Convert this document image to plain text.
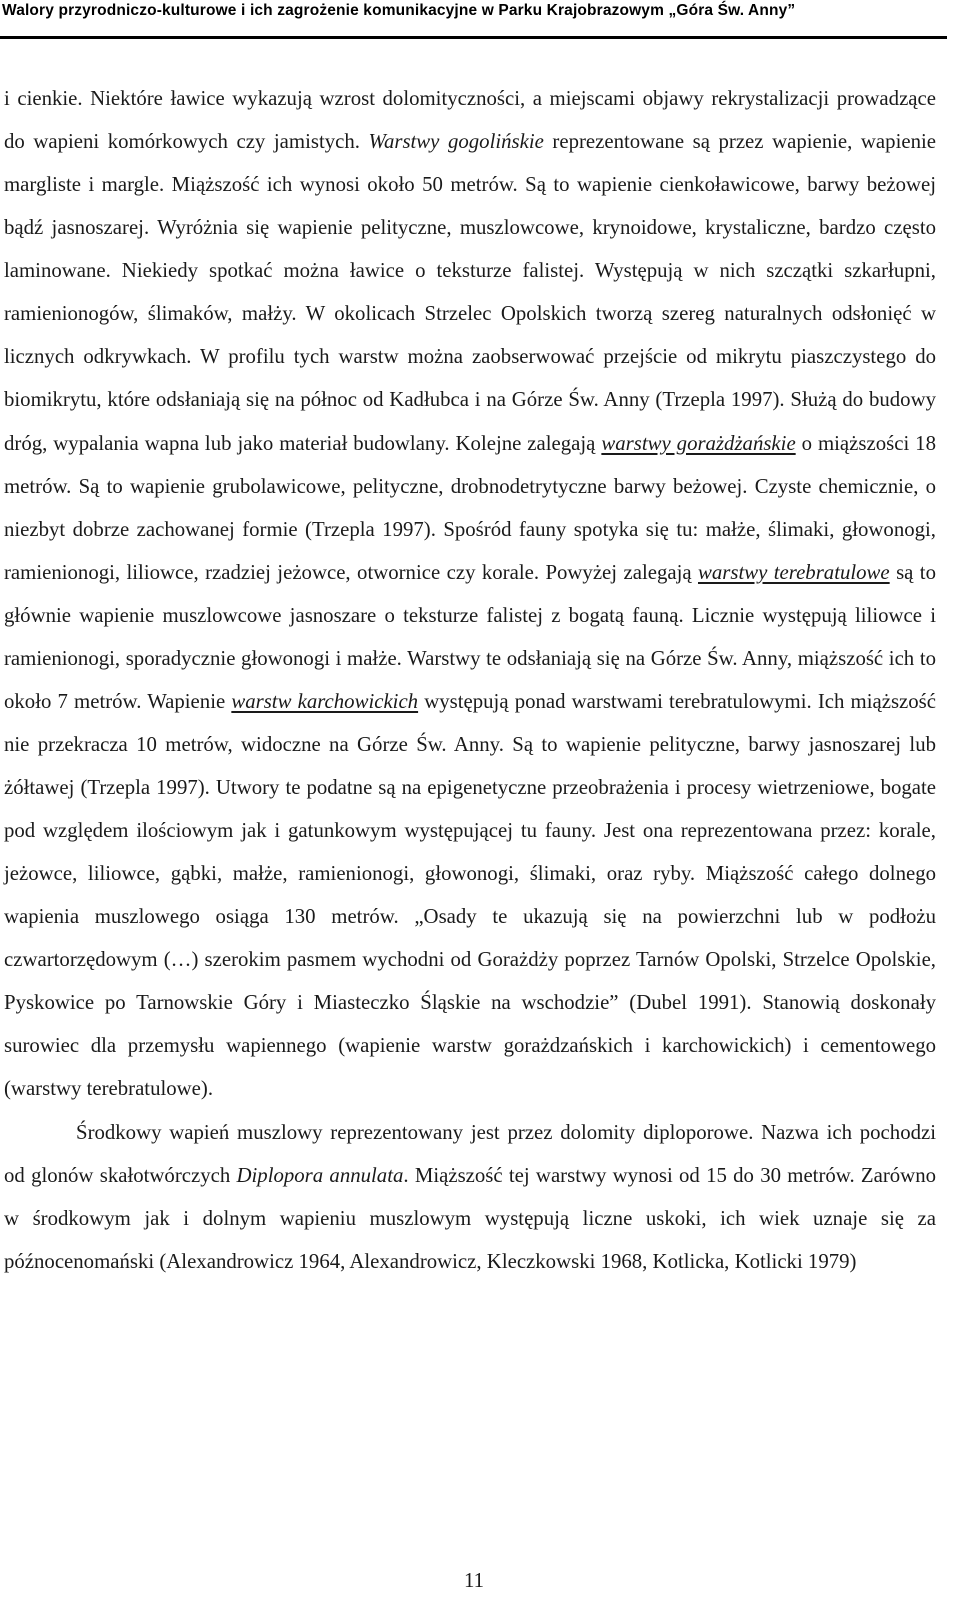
Walory przyrodniczo-kulturowe i ich zagrożenie komunikacyjne w Parku Krajobrazowym „Góra Św. Anny”

i cienkie. Niektóre ławice wykazują wzrost dolomityczności, a miejscami objawy rekrystalizacji prowadzące do wapieni komórkowych czy jamistych. Warstwy gogolińskie reprezentowane są przez wapienie, wapienie margliste i margle. Miąższość ich wynosi około 50 metrów. Są to wapienie cienkoławicowe, barwy beżowej bądź jasnoszarej. Wyróżnia się wapienie pelityczne, muszlowcowe, krynoidowe, krystaliczne, bardzo często laminowane. Niekiedy spotkać można ławice o teksturze falistej. Występują w nich szczątki szkarłupni, ramienionogów, ślimaków, małży. W okolicach Strzelec Opolskich tworzą szereg naturalnych odsłonięć w licznych odkrywkach. W profilu tych warstw można zaobserwować przejście od mikrytu piaszczystego do biomikrytu, które odsłaniają się na północ od Kadłubca i na Górze Św. Anny (Trzepla 1997). Służą do budowy dróg, wypalania wapna lub jako materiał budowlany. Kolejne zalegają warstwy gorażdżańskie o miąższości 18 metrów. Są to wapienie grubolawicowe, pelityczne, drobnodetrytyczne barwy beżowej. Czyste chemicznie, o niezbyt dobrze zachowanej formie (Trzepla 1997). Spośród fauny spotyka się tu: małże, ślimaki, głowonogi, ramienionogi, liliowce, rzadziej jeżowce, otwornice czy korale. Powyżej zalegają warstwy terebratulowe są to głównie wapienie muszlowcowe jasnoszare o teksturze falistej z bogatą fauną. Licznie występują liliowce i ramienionogi, sporadycznie głowonogi i małże. Warstwy te odsłaniają się na Górze Św. Anny, miąższość ich to około 7 metrów. Wapienie warstw karchowickich występują ponad warstwami terebratulowymi. Ich miąższość nie przekracza 10 metrów, widoczne na Górze Św. Anny. Są to wapienie pelityczne, barwy jasnoszarej lub żółtawej (Trzepla 1997). Utwory te podatne są na epigenetyczne przeobrażenia i procesy wietrzeniowe, bogate pod względem ilościowym jak i gatunkowym występującej tu fauny. Jest ona reprezentowana przez: korale, jeżowce, liliowce, gąbki, małże, ramienionogi, głowonogi, ślimaki, oraz ryby. Miąższość całego dolnego wapienia muszlowego osiąga 130 metrów. „Osady te ukazują się na powierzchni lub w podłożu czwartorzędowym (…) szerokim pasmem wychodni od Gorażdży poprzez Tarnów Opolski, Strzelce Opolskie, Pyskowice po Tarnowskie Góry i Miasteczko Śląskie na wschodzie” (Dubel 1991). Stanowią doskonały surowiec dla przemysłu wapiennego (wapienie warstw gorażdzańskich i karchowickich) i cementowego (warstwy terebratulowe).

Środkowy wapień muszlowy reprezentowany jest przez dolomity diploporowe. Nazwa ich pochodzi od glonów skałotwórczych Diplopora annulata. Miąższość tej warstwy wynosi od 15 do 30 metrów. Zarówno w środkowym jak i dolnym wapieniu muszlowym występują liczne uskoki, ich wiek uznaje się za późnocenomański (Alexandrowicz 1964, Alexandrowicz, Kleczkowski 1968, Kotlicka, Kotlicki 1979)

11
